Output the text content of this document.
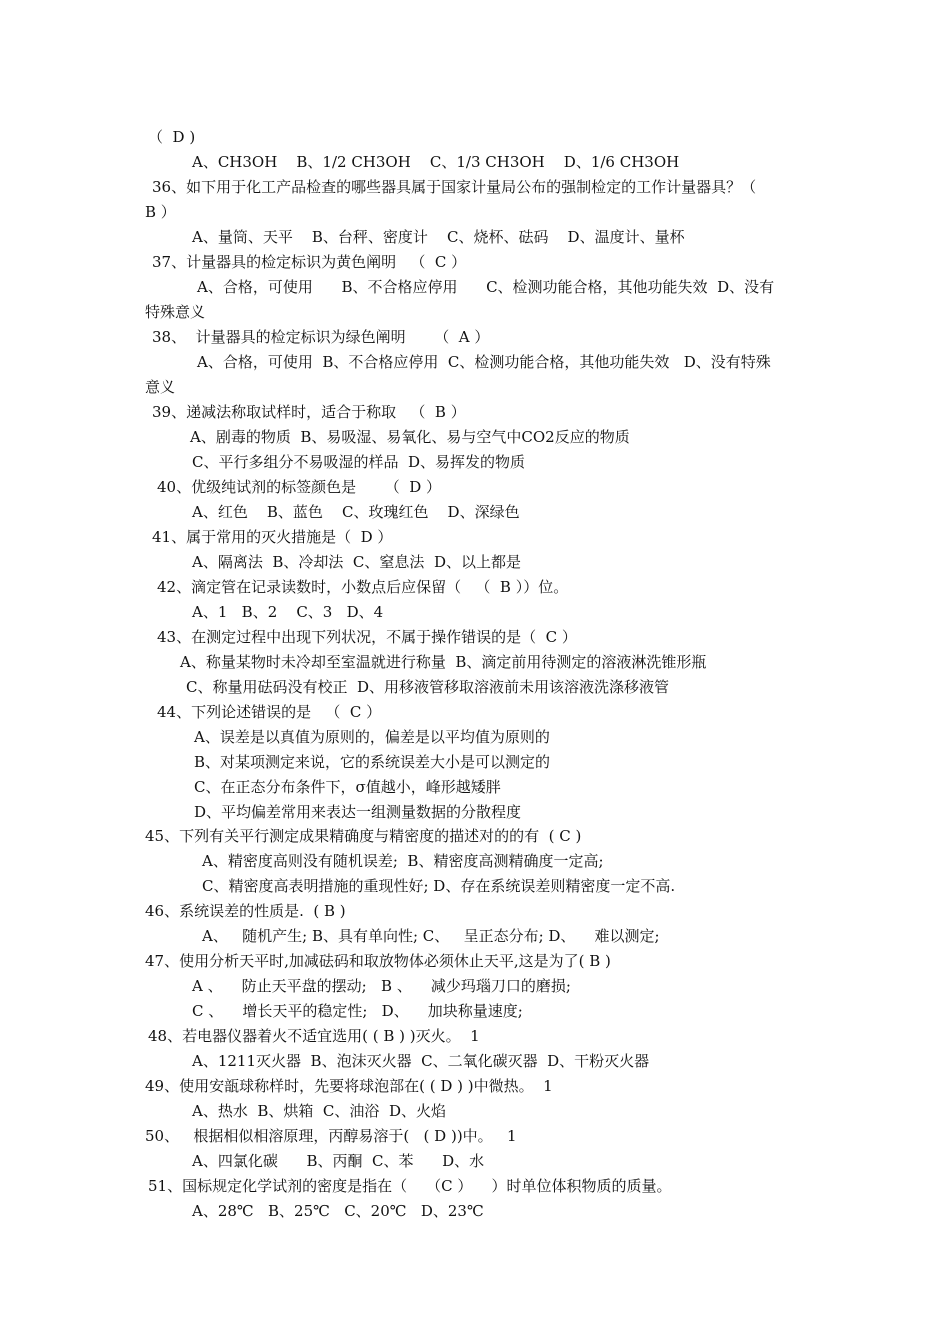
（  D )
A、CH3OH    B、1/2 CH3OH    C、1/3 CH3OH    D、1/6 CH3OH
36、如下用于化工产品检查的哪些器具属于国家计量局公布的强制检定的工作计量器具？（
B ）
A、量筒、天平    B、台秤、密度计    C、烧杯、砝码    D、温度计、量杯
37、计量器具的检定标识为黄色阐明   （  C ）
A、合格，可使用      B、不合格应停用      C、检测功能合格，其他功能失效  D、没有
特殊意义
38、  计量器具的检定标识为绿色阐明      （  A ）
A、合格，可使用  B、不合格应停用  C、检测功能合格，其他功能失效   D、没有特殊
意义
39、递减法称取试样时，适合于称取   （  B ）
A、剧毒的物质  B、易吸湿、易氧化、易与空气中CO2反应的物质
C、平行多组分不易吸湿的样品  D、易挥发的物质
40、优级纯试剂的标签颜色是      （  D ）
A、红色    B、蓝色    C、玫瑰红色    D、深绿色
41、属于常用的灭火措施是（  D ）
A、隔离法  B、冷却法  C、窒息法  D、以上都是
42、滴定管在记录读数时，小数点后应保留（   （  B ））位。
A、1   B、2    C、3   D、4
43、在测定过程中出现下列状况，不属于操作错误的是（  C ）
A、称量某物时未冷却至室温就进行称量  B、滴定前用待测定的溶液淋洗锥形瓶
C、称量用砝码没有校正  D、用移液管移取溶液前未用该溶液洗涤移液管
44、下列论述错误的是   （  C ）
A、误差是以真值为原则的，偏差是以平均值为原则的
B、对某项测定来说，它的系统误差大小是可以测定的
C、在正态分布条件下，σ值越小，峰形越矮胖
D、平均偏差常用来表达一组测量数据的分散程度
45、下列有关平行测定成果精确度与精密度的描述对的的有  ( C )
A、精密度高则没有随机误差;  B、精密度高测精确度一定高;
C、精密度高表明措施的重现性好; D、存在系统误差则精密度一定不高.
46、系统误差的性质是.  ( B )
A、   随机产生; B、具有单向性; C、   呈正态分布; D、    难以测定;
47、使用分析天平时,加减砝码和取放物体必须休止天平,这是为了( B )
A 、    防止天平盘的摆动;   B 、    减少玛瑙刀口的磨损;
C 、    增长天平的稳定性;   D、    加块称量速度;
48、若电器仪器着火不适宜选用( ( B ) )灭火。  1
A、1211灭火器  B、泡沫灭火器  C、二氧化碳灭器  D、干粉灭火器
49、使用安瓿球称样时，先要将球泡部在( ( D ) )中微热。  1
A、热水  B、烘箱  C、油浴  D、火焰
50、   根据相似相溶原理，丙醇易溶于(   ( D ))中。   1
A、四氯化碳      B、丙酮  C、苯      D、水
51、国标规定化学试剂的密度是指在（    （C ）    ）时单位体积物质的质量。
A、28℃   B、25℃   C、20℃   D、23℃
